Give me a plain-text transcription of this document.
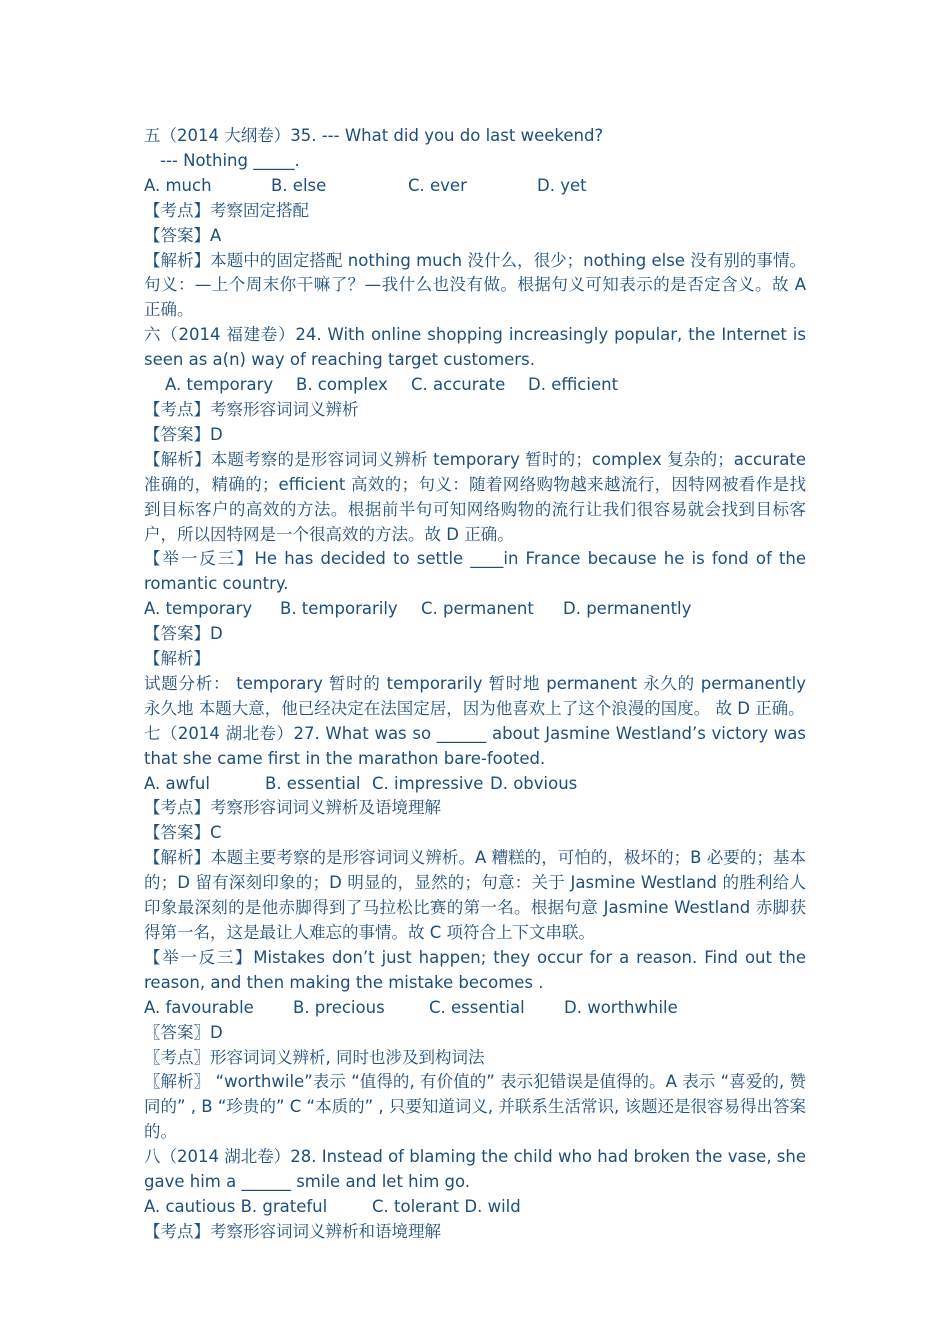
五（2014 大纲卷）35. --- What did you do last weekend?
--- Nothing _____.
A. much	B. else	C. ever	D. yet
【考点】考察固定搭配
【答案】A
【解析】本题中的固定搭配 nothing much 没什么，很少；nothing else 没有别的事情。句义：—上个周末你干嘛了？—我什么也没有做。根据句义可知表示的是否定含义。故 A 正确。
六（2014 福建卷）24. With online shopping increasingly popular, the Internet is seen as a(n) way of reaching target customers.
A. temporary	B. complex	C. accurate	D. efficient
【考点】考察形容词词义辨析
【答案】D
【解析】本题考察的是形容词词义辨析 temporary 暂时的；complex 复杂的；accurate 准确的，精确的；efficient 高效的；句义：随着网络购物越来越流行，因特网被看作是找到目标客户的高效的方法。根据前半句可知网络购物的流行让我们很容易就会找到目标客户，所以因特网是一个很高效的方法。故 D 正确。
【举一反三】He has decided to settle ____in France because he is fond of the romantic country.
A. temporary	B. temporarily	C. permanent	D. permanently
【答案】D
【解析】
试题分析： temporary 暂时的 temporarily 暂时地 permanent 永久的 permanently 永久地 本题大意，他已经决定在法国定居，因为他喜欢上了这个浪漫的国度。 故 D 正确。
七（2014 湖北卷）27. What was so ______ about Jasmine Westland’s victory was that she came first in the marathon bare-footed.
A. awful	B. essential C. impressive D. obvious
【考点】考察形容词词义辨析及语境理解
【答案】C
【解析】本题主要考察的是形容词词义辨析。A 糟糕的，可怕的，极坏的；B 必要的；基本的；D 留有深刻印象的；D 明显的，显然的；句意：关于 Jasmine Westland 的胜利给人印象最深刻的是他赤脚得到了马拉松比赛的第一名。根据句意 Jasmine Westland 赤脚获得第一名，这是最让人难忘的事情。故 C 项符合上下文串联。
【举一反三】Mistakes don’t just happen; they occur for a reason. Find out the reason, and then making the mistake becomes .
A. favourable	B. precious	C. essential	D. worthwhile
〖答案〗D
〖考点〗形容词词义辨析, 同时也涉及到构词法
〖解析〗 “worthwile”表示 “值得的, 有价值的” 表示犯错误是值得的。A 表示 “喜爱的, 赞同的” , B “珍贵的” C “本质的” , 只要知道词义, 并联系生活常识, 该题还是很容易得出答案的。
八（2014 湖北卷）28. Instead of blaming the child who had broken the vase, she gave him a ______ smile and let him go.
A. cautious B. grateful	C. tolerant D. wild
【考点】考察形容词词义辨析和语境理解
